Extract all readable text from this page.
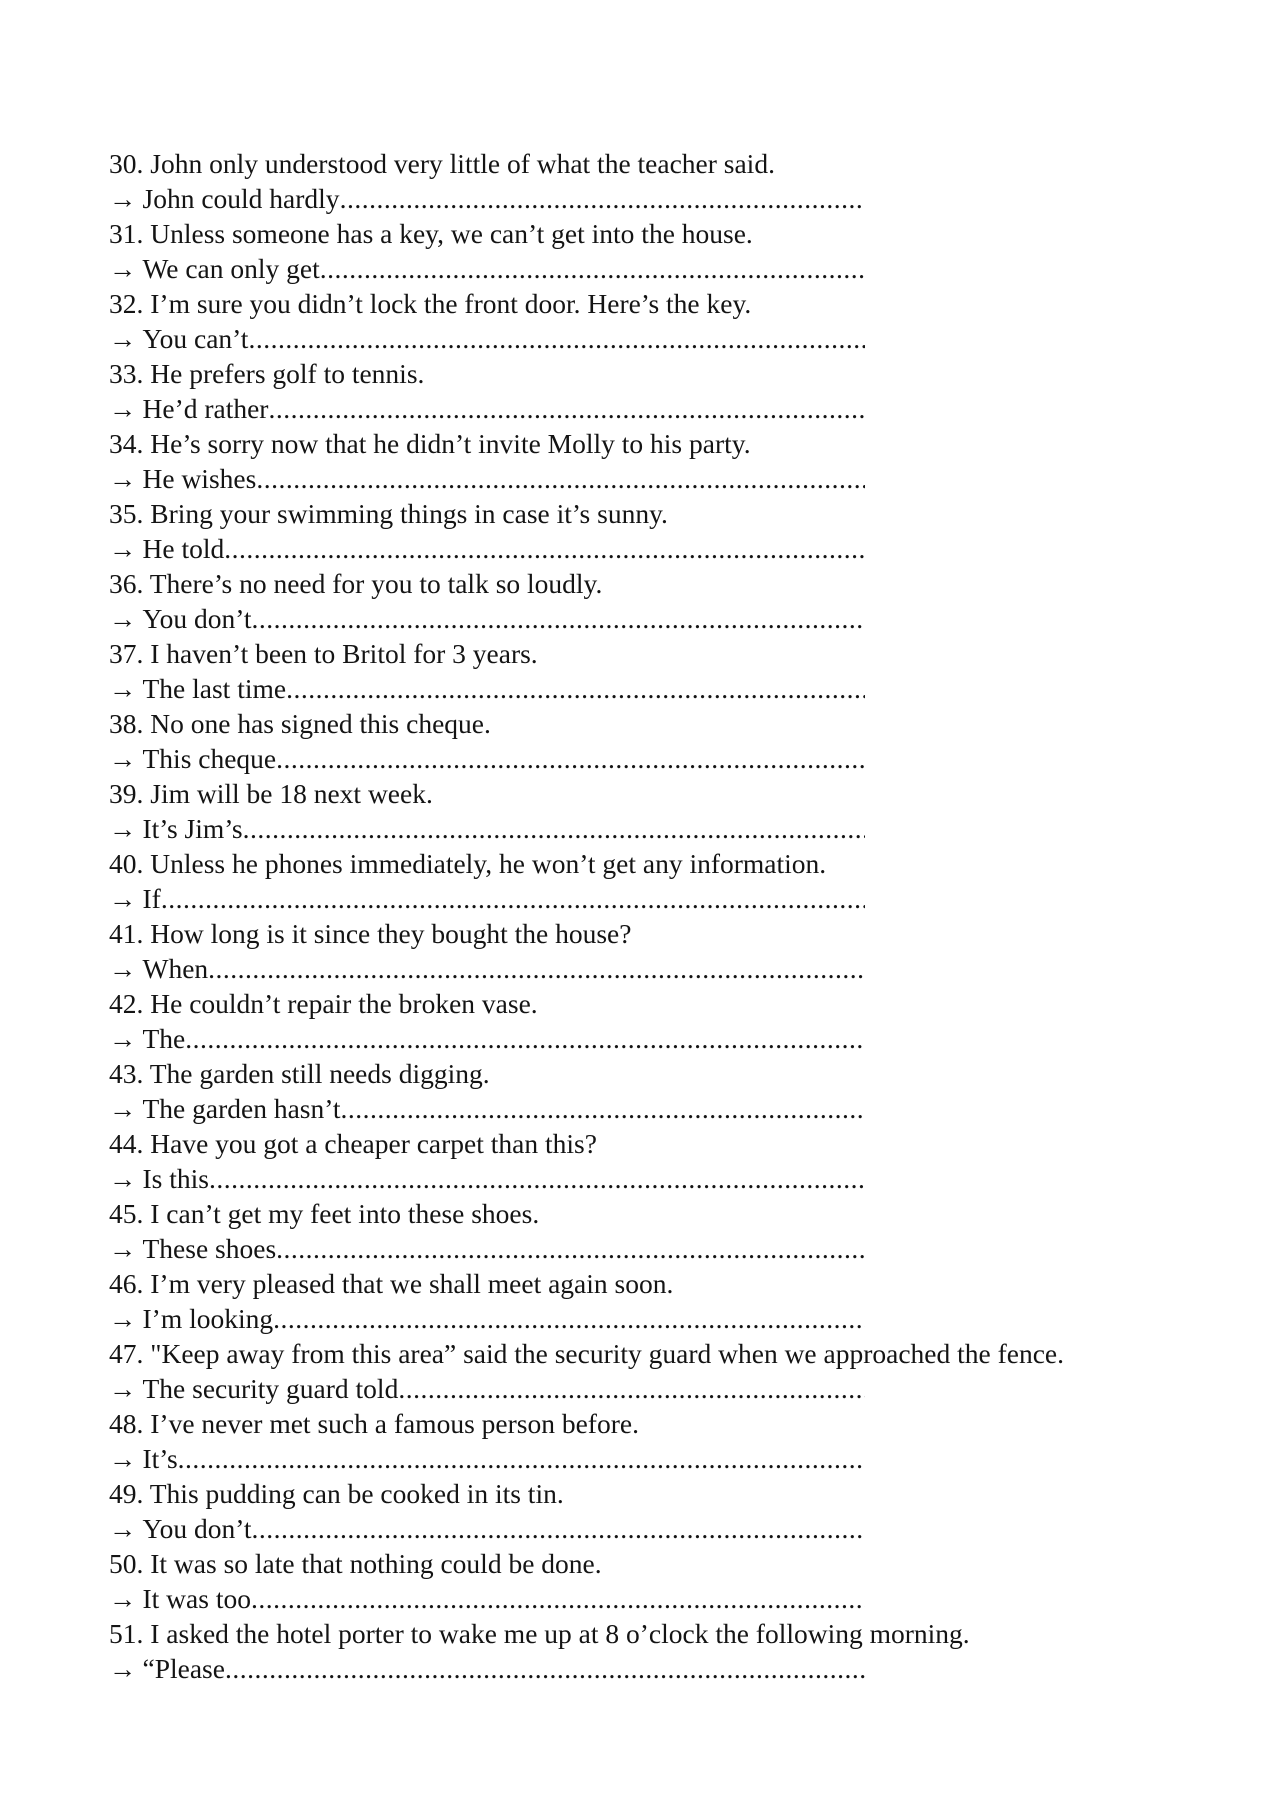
30. John only understood very little of what the teacher said.
→ John could hardly
.....
31. Unless someone has a key, we can’t get into the house.
→ We can only get
.....
32. I’m sure you didn’t lock the front door. Here’s the key.
→ You can’t
.....
33. He prefers golf to tennis.
→ He’d rather
.....
34. He’s sorry now that he didn’t invite Molly to his party.
→ He wishes
.....
35. Bring your swimming things in case it’s sunny.
→ He told
.....
36. There’s no need for you to talk so loudly.
→ You don’t
.....
37. I haven’t been to Britol for 3 years.
→ The last time
.....
38. No one has signed this cheque.
→ This cheque
.....
39. Jim will be 18 next week.
→ It’s Jim’s
.....
40. Unless he phones immediately, he won’t get any information.
→ If
.....
41. How long is it since they bought the house?
→ When
.....
42. He couldn’t repair the broken vase.
→ The
.....
43. The garden still needs digging.
→ The garden hasn’t
.....
44. Have you got a cheaper carpet than this?
→ Is this
.....
45. I can’t get my feet into these shoes.
→ These shoes
.....
46. I’m very pleased that we shall meet again soon.
→ I’m looking
.....
47. "Keep away from this area” said the security guard when we approached the fence.
→ The security guard told
.....
48. I’ve never met such a famous person before.
→ It’s
.....
49. This pudding can be cooked in its tin.
→ You don’t
.....
50. It was so late that nothing could be done.
→ It was too
.....
51. I asked the hotel porter to wake me up at 8 o’clock the following morning.
→ “Please
.....
